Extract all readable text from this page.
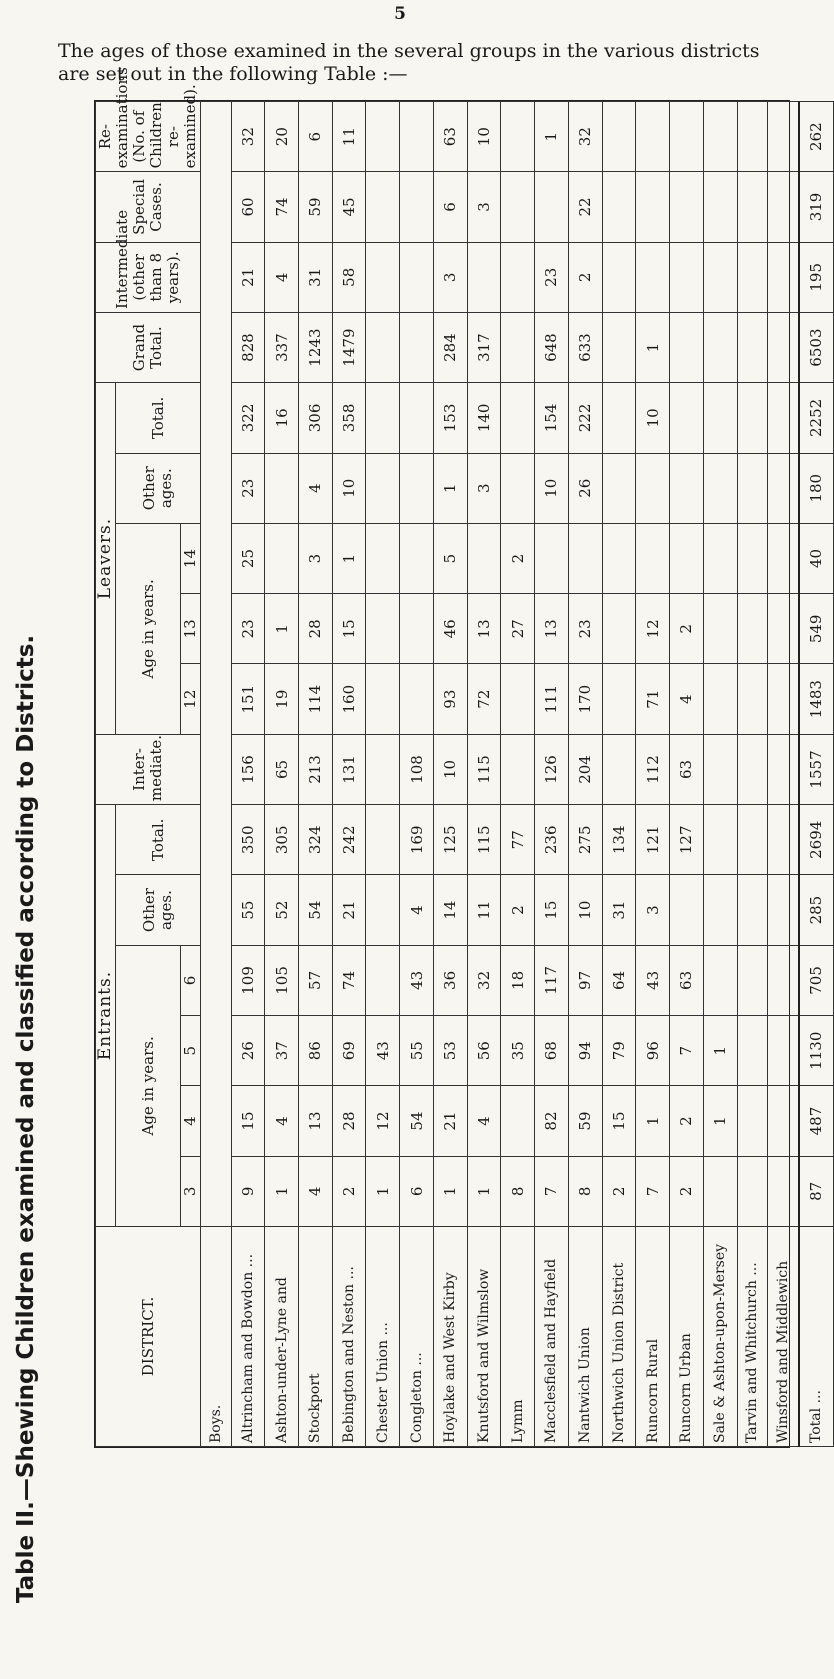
5
The ages of those examined in the several groups in the various districts are set out in the following Table :—
Table II.—Shewing Children examined and classified according to Districts.	DISTRICT.	Entrants.						Inter-mediate.	Leavers.					Grand Total.	Intermediate (other than 8 years).	Special Cases.	Re-examinations (No. of Children re-examined).
	Age in years.				Other ages.	Total.		Age in years.			Other ages.	Total.				
	3	4	5	6				12	13	14						
Boys.																
Altrincham and Bowdon ...	9	15	26	109	55	350	156	151	23	25	23	322	828	21	60	32
Ashton-under-Lyne and	1	4	37	105	52	305	65	19	1			16	337	4	74	20
Stockport	4	13	86	57	54	324	213	114	28	3	4	306	1243	31	59	6
Bebington and Neston ...	2	28	69	74	21	242	131	160	15	1	10	358	1479	58	45	11
Chester Union ...	1	12	43													
Congleton ...	6	54	55	43	4	169	108									
Hoylake and West Kirby	1	21	53	36	14	125	10	93	46	5	1	153	284	3	6	63
Knutsford and Wilmslow	1	4	56	32	11	115	115	72	13		3	140	317		3	10
Lymm	8		35	18	2	77			27	2						
Macclesfield and Hayfield	7	82	68	117	15	236	126	111	13		10	154	648	23		1
Nantwich Union	8	59	94	97	10	275	204	170	23		26	222	633	2	22	32
Northwich Union District	2	15	79	64	31	134										
Runcorn Rural	7	1	96	43	3	121	112	71	12			10	1			
Runcorn Urban	2	2	7	63		127	63	4	2							
Sale & Ashton-upon-Mersey		1	1													
Tarvin and Whitchurch ...																
Winsford and Middlewich																
Total ...	87	487	1130	705	285	2694	1557	1483	549	40	180	2252	6503	195	319	262
